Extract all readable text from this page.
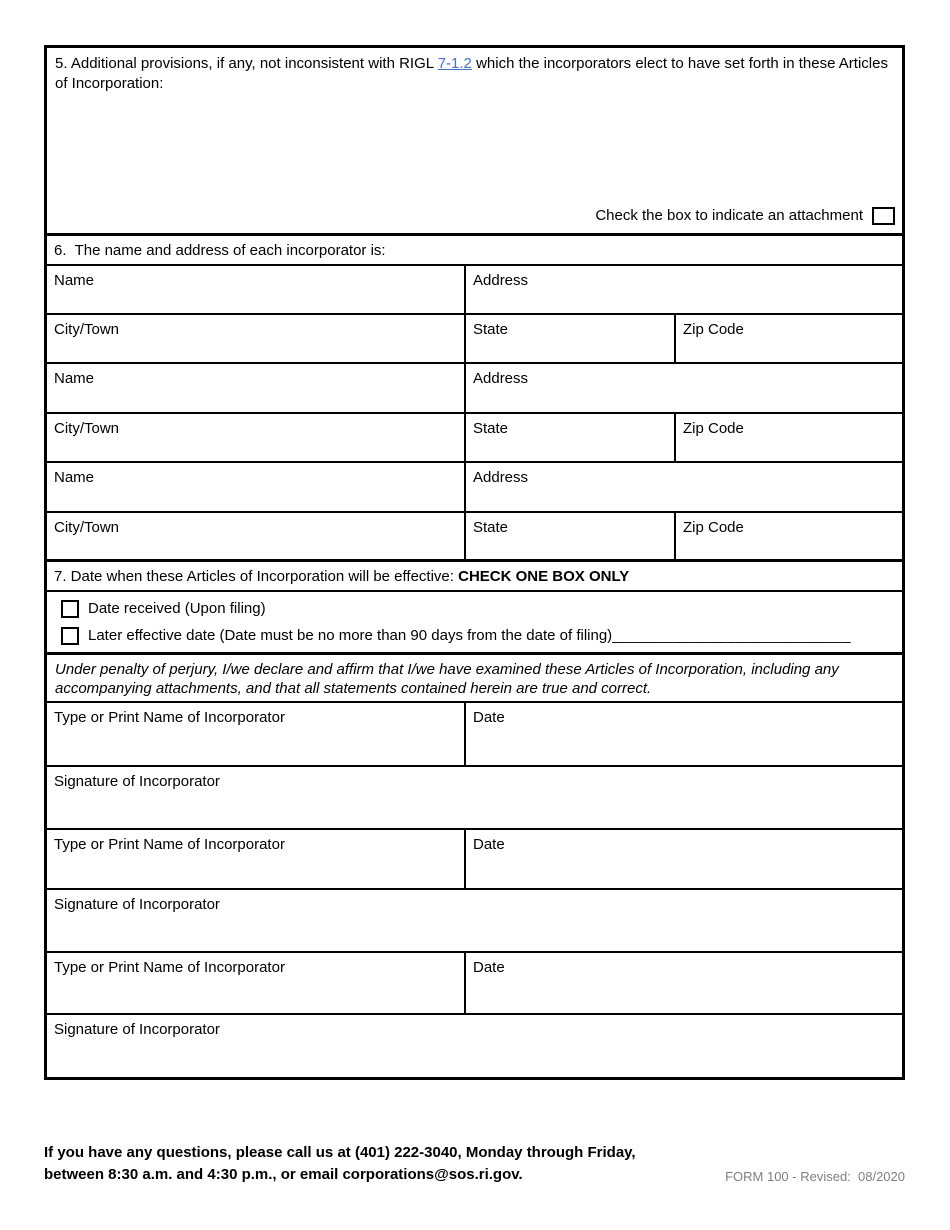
5. Additional provisions, if any, not inconsistent with RIGL 7-1.2 which the incorporators elect to have set forth in these Articles of Incorporation:
Check the box to indicate an attachment
6.  The name and address of each incorporator is:
Name	Address
City/Town	State	Zip Code
Name	Address
City/Town	State	Zip Code
Name	Address
City/Town	State	Zip Code
7. Date when these Articles of Incorporation will be effective: CHECK ONE BOX ONLY
Date received (Upon filing)
Later effective date (Date must be no more than 90 days from the date of filing) ___________________________
Under penalty of perjury, I/we declare and affirm that I/we have examined these Articles of Incorporation, including any accompanying attachments, and that all statements contained herein are true and correct.
Type or Print Name of Incorporator	Date
Signature of Incorporator
Type or Print Name of Incorporator	Date
Signature of Incorporator
Type or Print Name of Incorporator	Date
Signature of Incorporator
If you have any questions, please call us at (401) 222-3040, Monday through Friday,
between 8:30 a.m. and 4:30 p.m., or email corporations@sos.ri.gov.	FORM 100 - Revised:  08/2020
